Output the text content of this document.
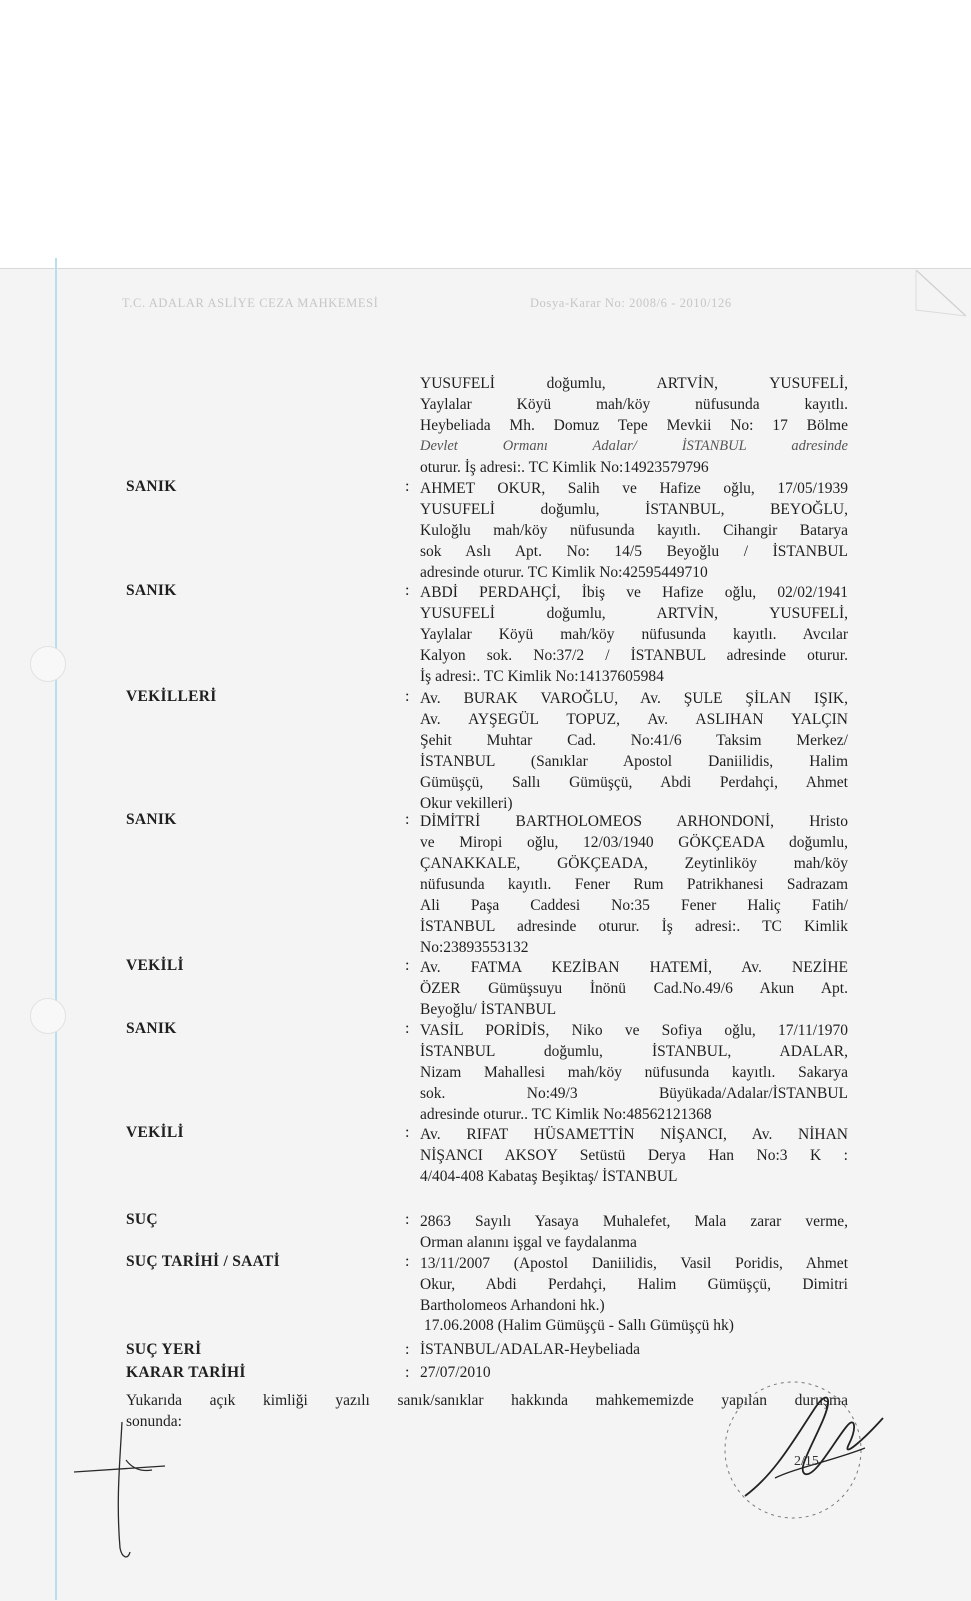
T.C. ADALAR ASLİYE CEZA MAHKEMESİ	Dosya-Karar No: 2008/6 - 2010/126
YUSUFELİ doğumlu, ARTVİN, YUSUFELİ,
Yaylalar Köyü mah/köy nüfusunda kayıtlı.
Heybeliada Mh. Domuz Tepe Mevkii No: 17 Bölme
Devlet Ormanı Adalar/ İSTANBUL adresinde
oturur. İş adresi:. TC Kimlik No:14923579796
SANIK	: AHMET OKUR, Salih ve Hafize oğlu, 17/05/1939
YUSUFELİ doğumlu, İSTANBUL, BEYOĞLU,
Kuloğlu mah/köy nüfusunda kayıtlı. Cihangir Batarya
sok Aslı Apt. No: 14/5 Beyoğlu / İSTANBUL
adresinde oturur. TC Kimlik No:42595449710
SANIK	: ABDİ PERDAHÇİ, İbiş ve Hafize oğlu, 02/02/1941
YUSUFELİ doğumlu, ARTVİN, YUSUFELİ,
Yaylalar Köyü mah/köy nüfusunda kayıtlı. Avcılar
Kalyon sok. No:37/2 / İSTANBUL adresinde oturur.
İş adresi:. TC Kimlik No:14137605984
VEKİLLERİ	: Av. BURAK VAROĞLU, Av. ŞULE ŞİLAN IŞIK,
Av. AYŞEGÜL TOPUZ, Av. ASLIHAN YALÇIN
Şehit Muhtar Cad. No:41/6 Taksim Merkez/
İSTANBUL (Sanıklar Apostol Daniilidis, Halim
Gümüşçü, Sallı Gümüşçü, Abdi Perdahçi, Ahmet
Okur vekilleri)
SANIK	: DİMİTRİ BARTHOLOMEOS ARHONDONİ, Hristo
ve Miropi oğlu, 12/03/1940 GÖKÇEADA doğumlu,
ÇANAKKALE, GÖKÇEADA, Zeytinliköy mah/köy
nüfusunda kayıtlı. Fener Rum Patrikhanesi Sadrazam
Ali Paşa Caddesi No:35 Fener Haliç Fatih/
İSTANBUL adresinde oturur. İş adresi:. TC Kimlik
No:23893553132
VEKİLİ	: Av. FATMA KEZİBAN HATEMİ, Av. NEZİHE
ÖZER Gümüşsuyu İnönü Cad.No.49/6 Akun Apt.
Beyoğlu/ İSTANBUL
SANIK	: VASİL PORİDİS, Niko ve Sofiya oğlu, 17/11/1970
İSTANBUL doğumlu, İSTANBUL, ADALAR,
Nizam Mahallesi mah/köy nüfusunda kayıtlı. Sakarya
sok. No:49/3 Büyükada/Adalar/İSTANBUL
adresinde oturur.. TC Kimlik No:48562121368
VEKİLİ	: Av. RIFAT HÜSAMETTİN NİŞANCI, Av. NİHAN
NİŞANCI AKSOY Setüstü Derya Han No:3 K :
4/404-408 Kabataş Beşiktaş/ İSTANBUL
SUÇ	: 2863 Sayılı Yasaya Muhalefet, Mala zarar verme,
Orman alanını işgal ve faydalanma
SUÇ TARİHİ / SAATİ	: 13/11/2007 (Apostol Daniilidis, Vasil Poridis, Ahmet
Okur, Abdi Perdahçi, Halim Gümüşçü, Dimitri
Bartholomeos Arhandoni hk.)
17.06.2008 (Halim Gümüşçü - Sallı Gümüşçü hk)
SUÇ YERİ	: İSTANBUL/ADALAR-Heybeliada
KARAR TARİHİ	: 27/07/2010
Yukarıda açık kimliği yazılı sanık/sanıklar hakkında mahkememizde yapılan duruşma
sonunda:
2/15
